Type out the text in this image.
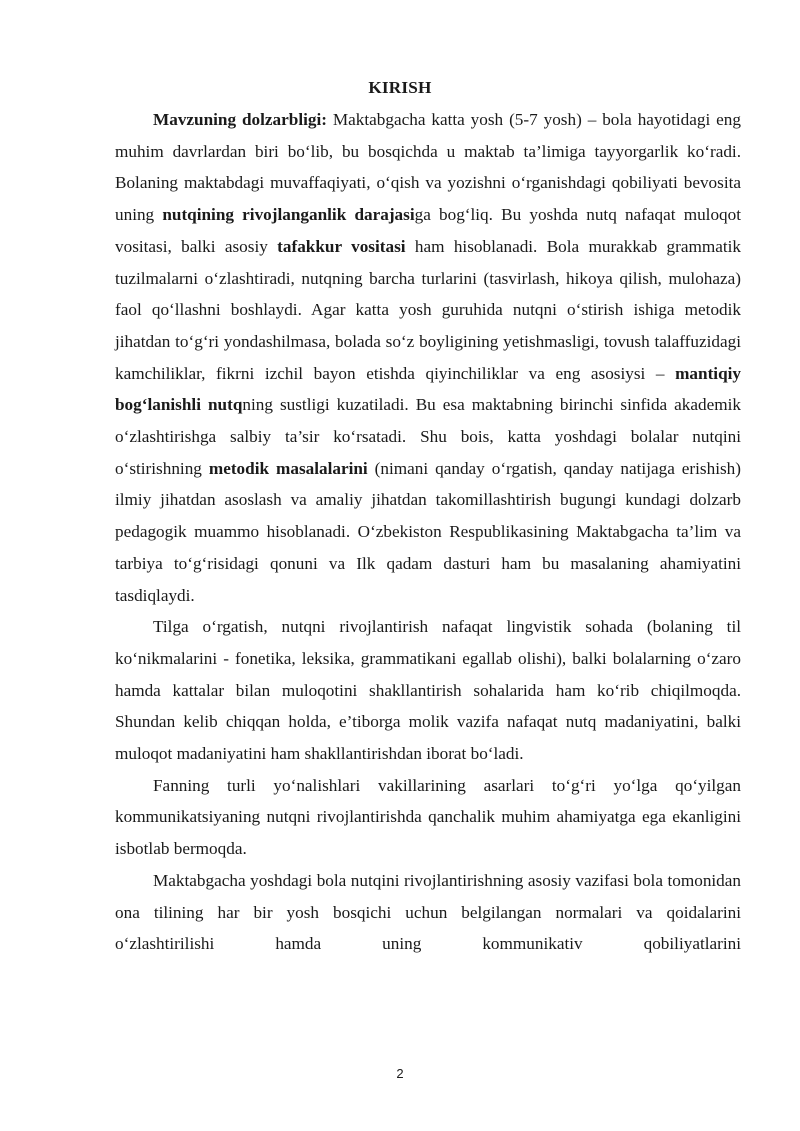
KIRISH

Mavzuning dolzarbligi: Maktabgacha katta yosh (5-7 yosh) – bola hayotidagi eng muhim davrlardan biri bo‘lib, bu bosqichda u maktab ta’limiga tayyorgarlik ko‘radi. Bolaning maktabdagi muvaffaqiyati, o‘qish va yozishni o‘rganishdagi qobiliyati bevosita uning nutqining rivojlanganlik darajasiga bog‘liq. Bu yoshda nutq nafaqat muloqot vositasi, balki asosiy tafakkur vositasi ham hisoblanadi. Bola murakkab grammatik tuzilmalarni o‘zlashtiradi, nutqning barcha turlarini (tasvirlash, hikoya qilish, mulohaza) faol qo‘llashni boshlaydi. Agar katta yosh guruhida nutqni o‘stirish ishiga metodik jihatdan to‘g‘ri yondashilmasa, bolada so‘z boyligining yetishmasligi, tovush talaffuzidagi kamchiliklar, fikrni izchil bayon etishda qiyinchiliklar va eng asosiysi – mantiqiy bog‘lanishli nutqning sustligi kuzatiladi. Bu esa maktabning birinchi sinfida akademik o‘zlashtirishga salbiy ta’sir ko‘rsatadi. Shu bois, katta yoshdagi bolalar nutqini o‘stirishning metodik masalalarini (nimani qanday o‘rgatish, qanday natijaga erishish) ilmiy jihatdan asoslash va amaliy jihatdan takomillashtirish bugungi kundagi dolzarb pedagogik muammo hisoblanadi. O‘zbekiston Respublikasining Maktabgacha ta’lim va tarbiya to‘g‘risidagi qonuni va Ilk qadam dasturi ham bu masalaning ahamiyatini tasdiqlaydi.

Tilga o‘rgatish, nutqni rivojlantirish nafaqat lingvistik sohada (bolaning til ko‘nikmalarini - fonetika, leksika, grammatikani egallab olishi), balki bolalarning o‘zaro hamda kattalar bilan muloqotini shakllantirish sohalarida ham ko‘rib chiqilmoqda. Shundan kelib chiqqan holda, e’tiborga molik vazifa nafaqat nutq madaniyatini, balki muloqot madaniyatini ham shakllantirishdan iborat bo‘ladi.

Fanning turli yo‘nalishlari vakillarining asarlari to‘g‘ri yo‘lga qo‘yilgan kommunikatsiyaning nutqni rivojlantirishda qanchalik muhim ahamiyatga ega ekanligini isbotlab bermoqda.

Maktabgacha yoshdagi bola nutqini rivojlantirishning asosiy vazifasi bola tomonidan ona tilining har bir yosh bosqichi uchun belgilangan normalari va qoidalarini o‘zlashtirilishi hamda uning kommunikativ qobiliyatlarini

2
